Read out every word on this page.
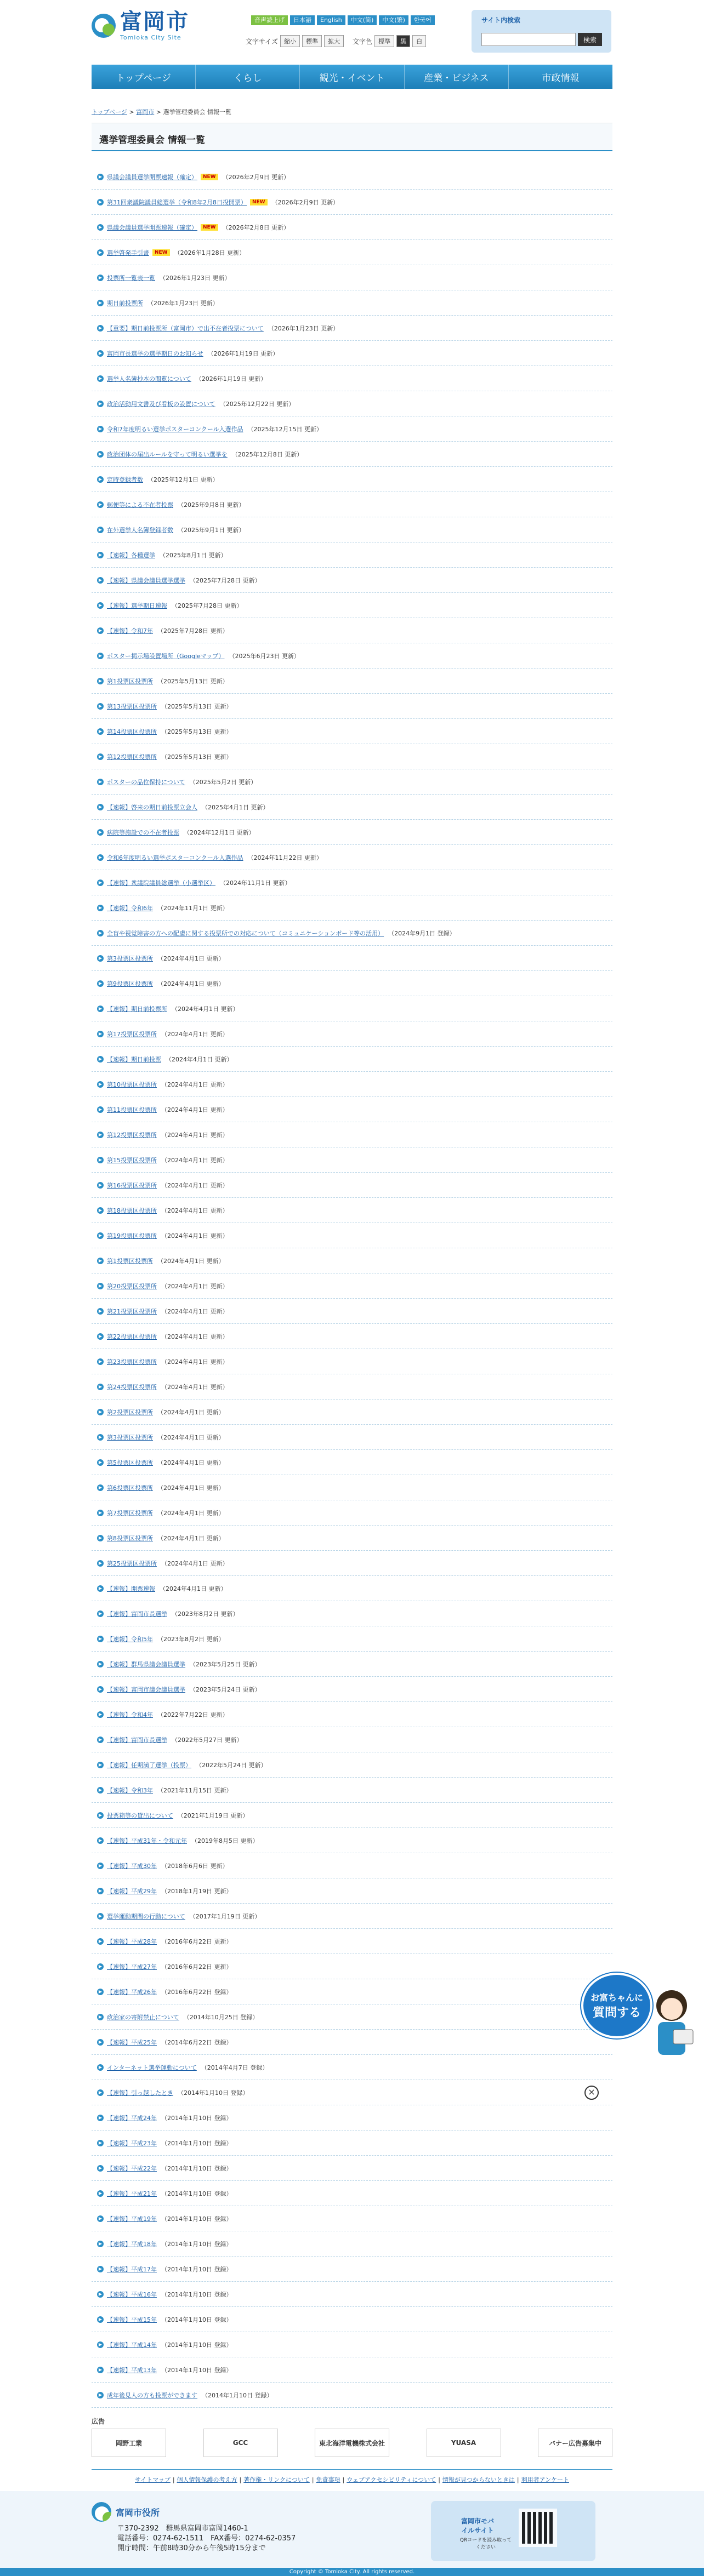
富岡市
Tomioka City Site
音声読上げ	日本語	English	中文(简)	中文(繁)	한국어
文字サイズ	縮小	標準	拡大	文字色	標準	黒	白
サイト内検索
検索
トップページ	くらし	観光・イベント	産業・ビジネス	市政情報
トップページ > 富岡市 > 選挙管理委員会 情報一覧
選挙管理委員会 情報一覧
▶ 県議会議員選挙開票速報（確定）	NEW	（2026年2月9日 更新）
▶ 第31回衆議院議員総選挙（令和8年2月8日投開票）	NEW	（2026年2月9日 更新）
▶ 県議会議員選挙開票速報（確定）	NEW	（2026年2月8日 更新）
▶ 選挙啓発手引書	NEW	（2026年1月28日 更新）
▶ 投票所一覧表一覧 （2026年1月23日 更新）
▶ 期日前投票所 （2026年1月23日 更新）
▶ 【重要】期日前投票所（富岡市）で出不在者投票について （2026年1月23日 更新）
▶ 富岡市長選挙の選挙期日のお知らせ （2026年1月19日 更新）
▶ 選挙人名簿抄本の閲覧について （2026年1月19日 更新）
▶ 政治活動用文書及び看板の設置について （2025年12月22日 更新）
▶ 令和7年度明るい選挙ポスターコンクール入選作品 （2025年12月15日 更新）
▶ 政治団体の届出ルールを守って明るい選挙を （2025年12月8日 更新）
▶ 定時登録者数 （2025年12月1日 更新）
▶ 郵便等による不在者投票 （2025年9月8日 更新）
▶ 在外選挙人名簿登録者数 （2025年9月1日 更新）
▶ 【速報】各種選挙 （2025年8月1日 更新）
▶ 【速報】県議会議員選挙選挙 （2025年7月28日 更新）
▶ 【速報】選挙期日速報 （2025年7月28日 更新）
▶ 【速報】令和7年 （2025年7月28日 更新）
▶ ポスター掲示場設置場所（Googleマップ） （2025年6月23日 更新）
▶ 第1投票区投票所 （2025年5月13日 更新）
▶ 第13投票区投票所 （2025年5月13日 更新）
▶ 第14投票区投票所 （2025年5月13日 更新）
▶ 第12投票区投票所 （2025年5月13日 更新）
▶ ポスターの品位保持について （2025年5月2日 更新）
▶ 【速報】啓来の期日前投票立会人 （2025年4月1日 更新）
▶ 病院等施設での不在者投票 （2024年12月1日 更新）
▶ 令和6年度明るい選挙ポスターコンクール入選作品 （2024年11月22日 更新）
▶ 【速報】衆議院議員総選挙（小選挙区） （2024年11月1日 更新）
▶ 【速報】令和6年 （2024年11月1日 更新）
▶ 全盲や視覚障害の方への配慮に関する投票所での対応について（コミュニケーションボード等の活用） （2024年9月1日 登録）
▶ 第3投票区投票所 （2024年4月1日 更新）
▶ 第9投票区投票所 （2024年4月1日 更新）
▶ 【速報】期日前投票所 （2024年4月1日 更新）
▶ 第17投票区投票所 （2024年4月1日 更新）
▶ 【速報】期日前投票 （2024年4月1日 更新）
▶ 第10投票区投票所 （2024年4月1日 更新）
▶ 第11投票区投票所 （2024年4月1日 更新）
▶ 第12投票区投票所 （2024年4月1日 更新）
▶ 第15投票区投票所 （2024年4月1日 更新）
▶ 第16投票区投票所 （2024年4月1日 更新）
▶ 第18投票区投票所 （2024年4月1日 更新）
▶ 第19投票区投票所 （2024年4月1日 更新）
▶ 第1投票区投票所 （2024年4月1日 更新）
▶ 第20投票区投票所 （2024年4月1日 更新）
▶ 第21投票区投票所 （2024年4月1日 更新）
▶ 第22投票区投票所 （2024年4月1日 更新）
▶ 第23投票区投票所 （2024年4月1日 更新）
▶ 第24投票区投票所 （2024年4月1日 更新）
▶ 第2投票区投票所 （2024年4月1日 更新）
▶ 第3投票区投票所 （2024年4月1日 更新）
▶ 第5投票区投票所 （2024年4月1日 更新）
▶ 第6投票区投票所 （2024年4月1日 更新）
▶ 第7投票区投票所 （2024年4月1日 更新）
▶ 第8投票区投票所 （2024年4月1日 更新）
▶ 第25投票区投票所 （2024年4月1日 更新）
▶ 【速報】開票速報 （2024年4月1日 更新）
▶ 【速報】富岡市長選挙 （2023年8月2日 更新）
▶ 【速報】令和5年 （2023年8月2日 更新）
▶ 【速報】群馬県議会議員選挙 （2023年5月25日 更新）
▶ 【速報】富岡市議会議員選挙 （2023年5月24日 更新）
▶ 【速報】令和4年 （2022年7月22日 更新）
▶ 【速報】富岡市長選挙 （2022年5月27日 更新）
▶ 【速報】任期満了選挙（投票） （2022年5月24日 更新）
▶ 【速報】令和3年 （2021年11月15日 更新）
▶ 投票箱等の貸出について （2021年1月19日 更新）
▶ 【速報】平成31年・令和元年 （2019年8月5日 更新）
▶ 【速報】平成30年 （2018年6月6日 更新）
▶ 【速報】平成29年 （2018年1月19日 更新）
▶ 選挙運動期間の行動について （2017年1月19日 更新）
▶ 【速報】平成28年 （2016年6月22日 更新）
▶ 【速報】平成27年 （2016年6月22日 更新）
▶ 【速報】平成26年 （2016年6月22日 登録）
▶ 政治家の寄附禁止について （2014年10月25日 登録）
▶ 【速報】平成25年 （2014年6月22日 登録）
▶ インターネット選挙運動について （2014年4月7日 登録）
▶ 【速報】引っ越したとき （2014年1月10日 登録）
▶ 【速報】平成24年 （2014年1月10日 登録）
▶ 【速報】平成23年 （2014年1月10日 登録）
▶ 【速報】平成22年 （2014年1月10日 登録）
▶ 【速報】平成21年 （2014年1月10日 登録）
▶ 【速報】平成19年 （2014年1月10日 登録）
▶ 【速報】平成18年 （2014年1月10日 登録）
▶ 【速報】平成17年 （2014年1月10日 登録）
▶ 【速報】平成16年 （2014年1月10日 登録）
▶ 【速報】平成15年 （2014年1月10日 登録）
▶ 【速報】平成14年 （2014年1月10日 登録）
▶ 【速報】平成13年 （2014年1月10日 登録）
▶ 成年後見人の方も投票ができます （2014年1月10日 登録）
お富ちゃんに
質問する
×
広告
岡野工業	GCC	東北海洋電機株式会社	YUASA	バナー広告募集中
サイトマップ | 個人情報保護の考え方 | 著作権・リンクについて | 免責事項 | ウェブアクセシビリティについて | 情報が見つからないときは | 利用者アンケート
富岡市役所
〒370-2392　群馬県富岡市富岡1460-1
電話番号：0274-62-1511　FAX番号：0274-62-0357
開庁時間：午前8時30分から午後5時15分まで
富岡市モバイルサイト
QRコードを読み取ってください
Copyright © Tomioka City. All rights reserved.
